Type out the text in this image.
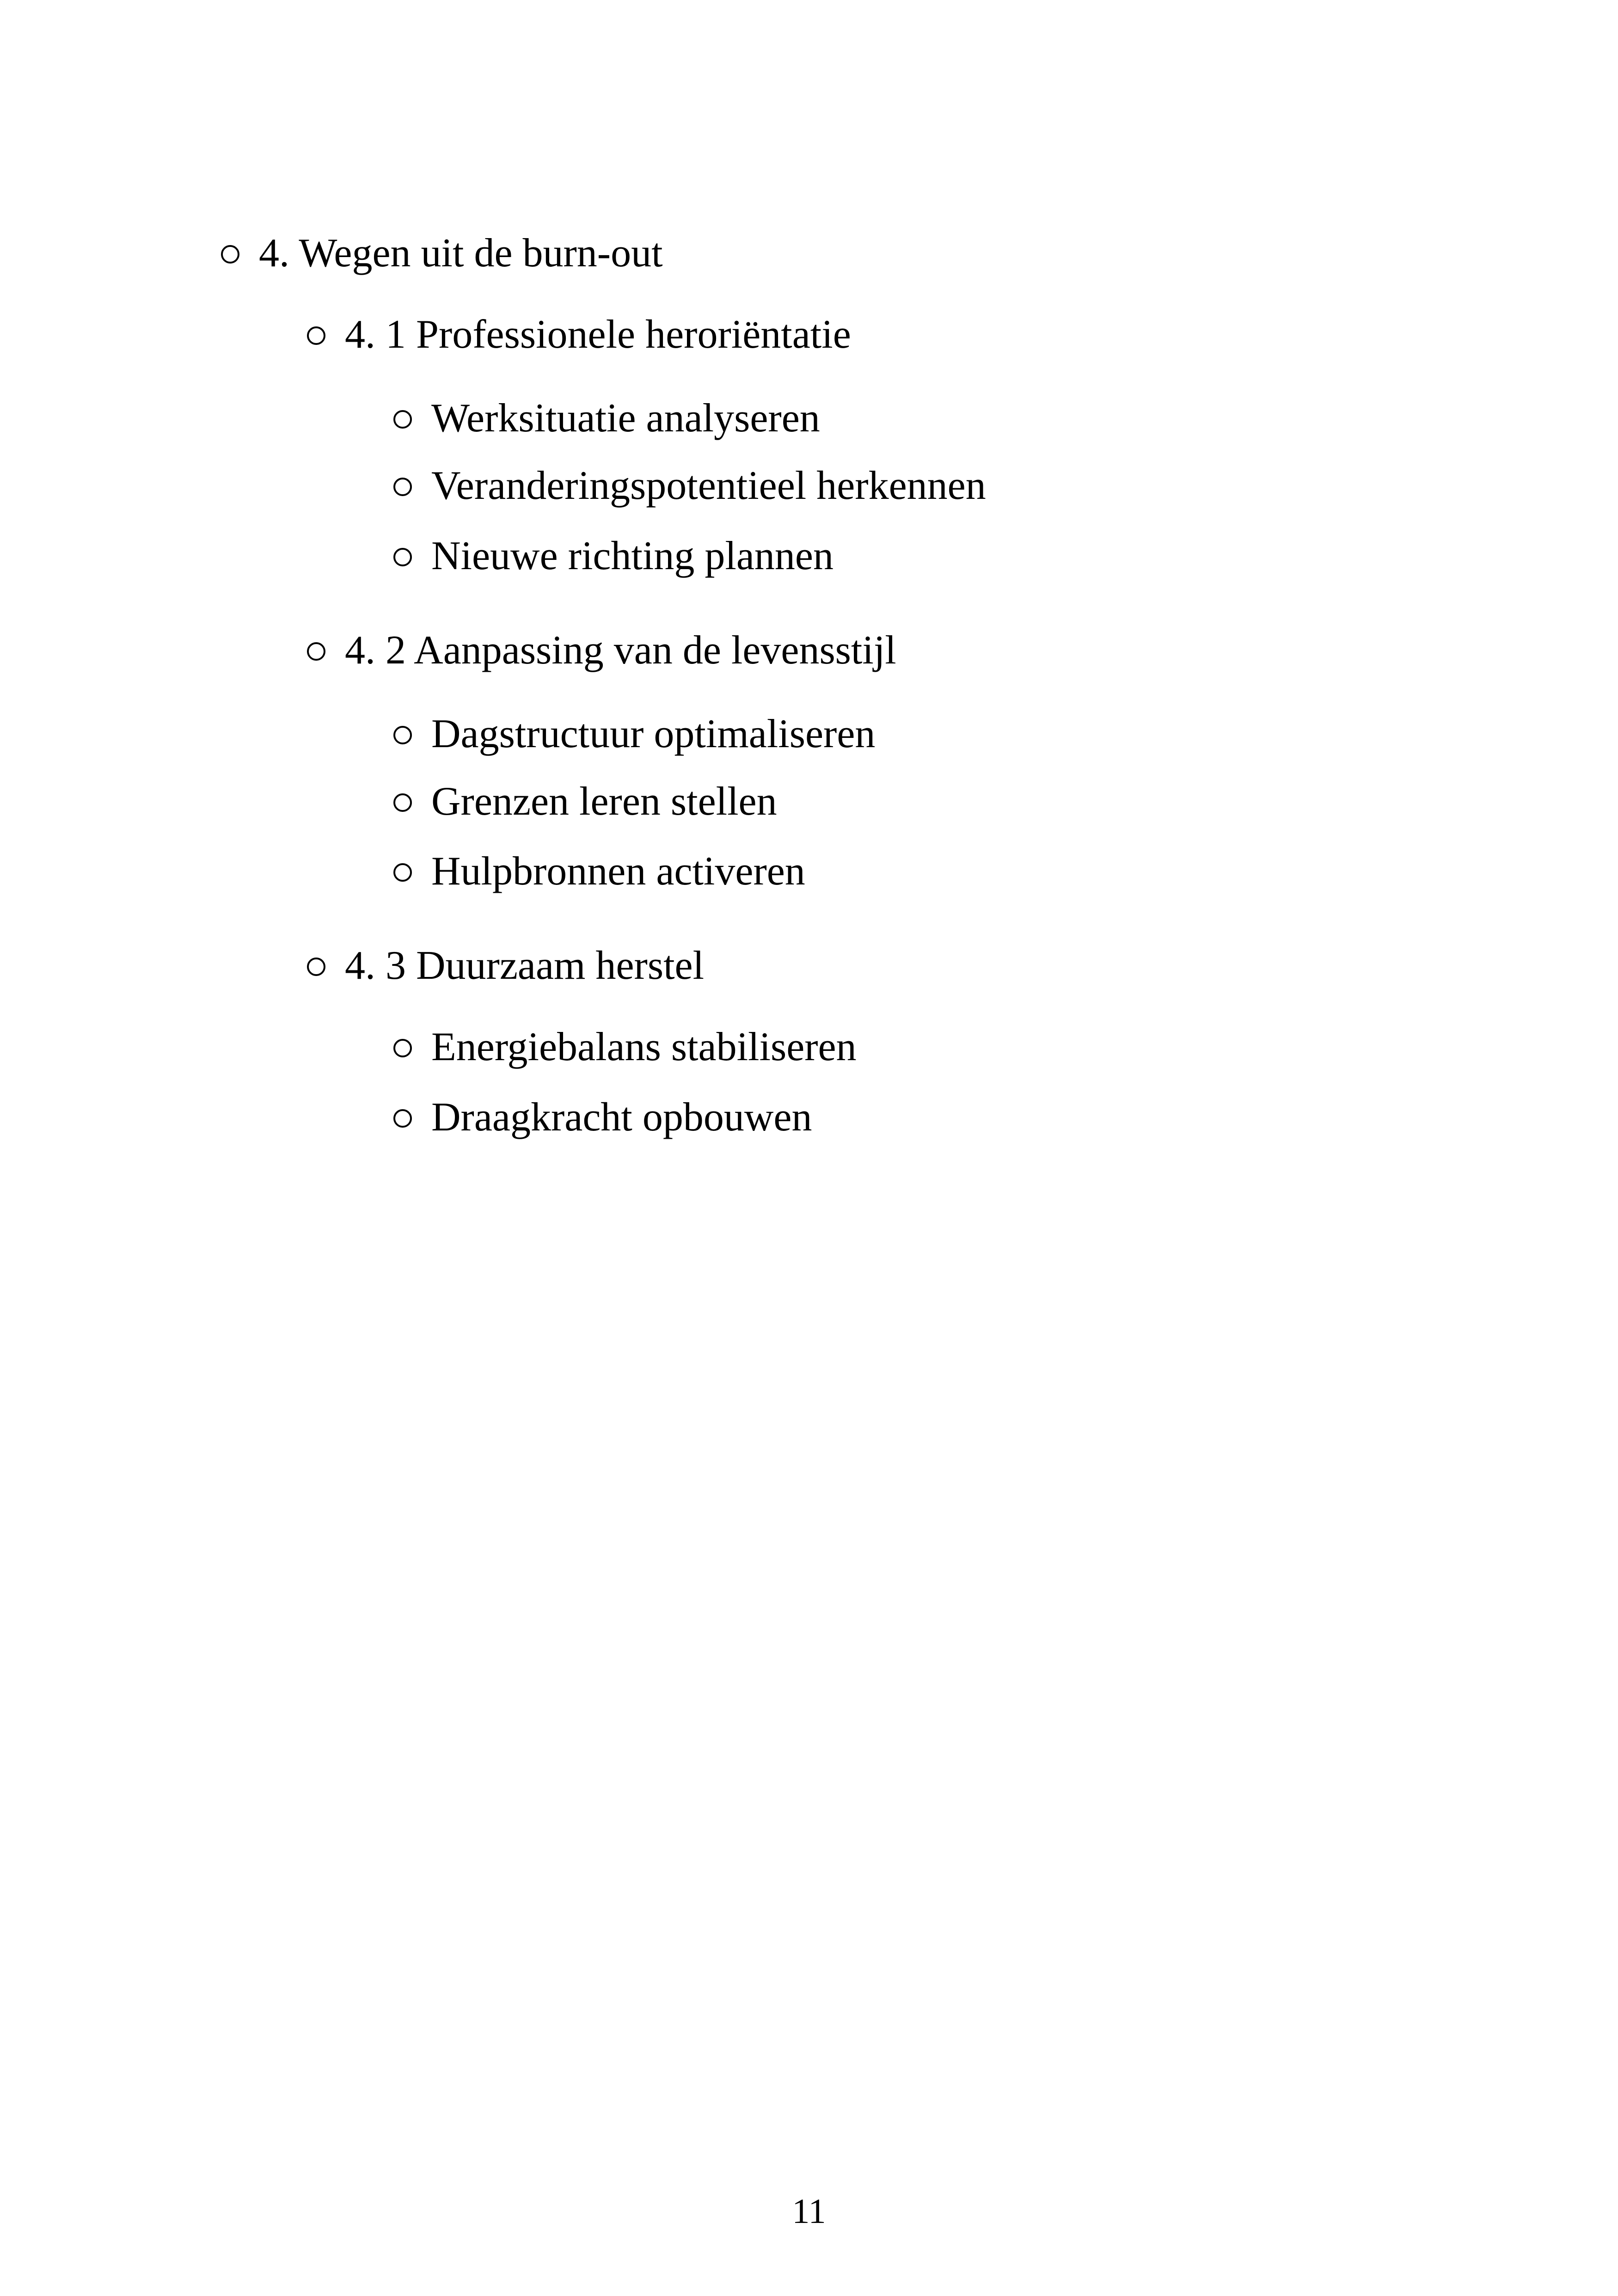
4. Wegen uit de burn-out
4. 1 Professionele heroriëntatie
Werksituatie analyseren
Veranderingspotentieel herkennen
Nieuwe richting plannen
4. 2 Aanpassing van de levensstijl
Dagstructuur optimaliseren
Grenzen leren stellen
Hulpbronnen activeren
4. 3 Duurzaam herstel
Energiebalans stabiliseren
Draagkracht opbouwen
11
